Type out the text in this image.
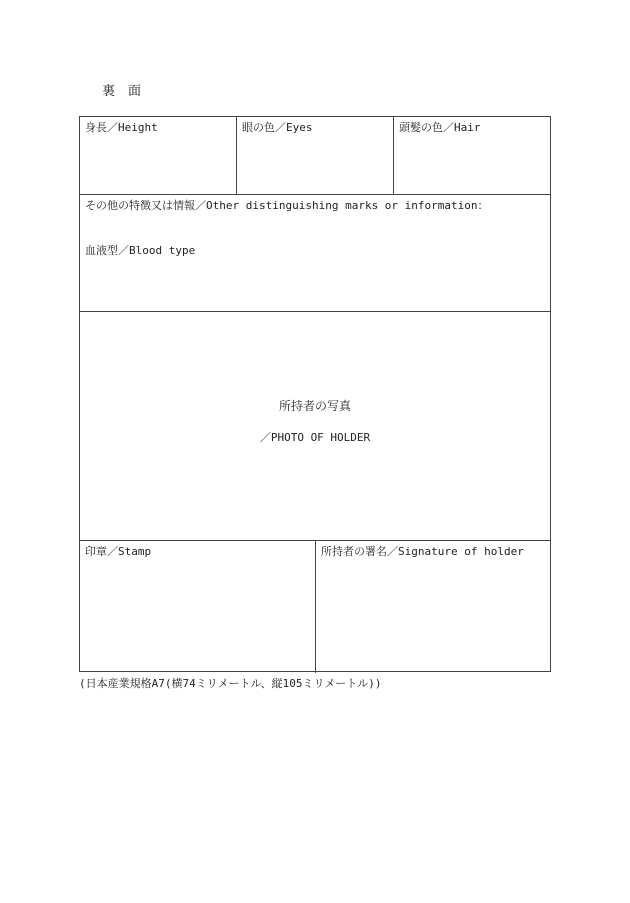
裏面
身長／Height	眼の色／Eyes	頭髪の色／Hair
その他の特徴又は情報／Other distinguishing marks or information：
血液型／Blood type
所持者の写真
／PHOTO OF HOLDER
印章／Stamp	所持者の署名／Signature of holder
(日本産業規格A7(横74ミリメートル、縦105ミリメートル))
